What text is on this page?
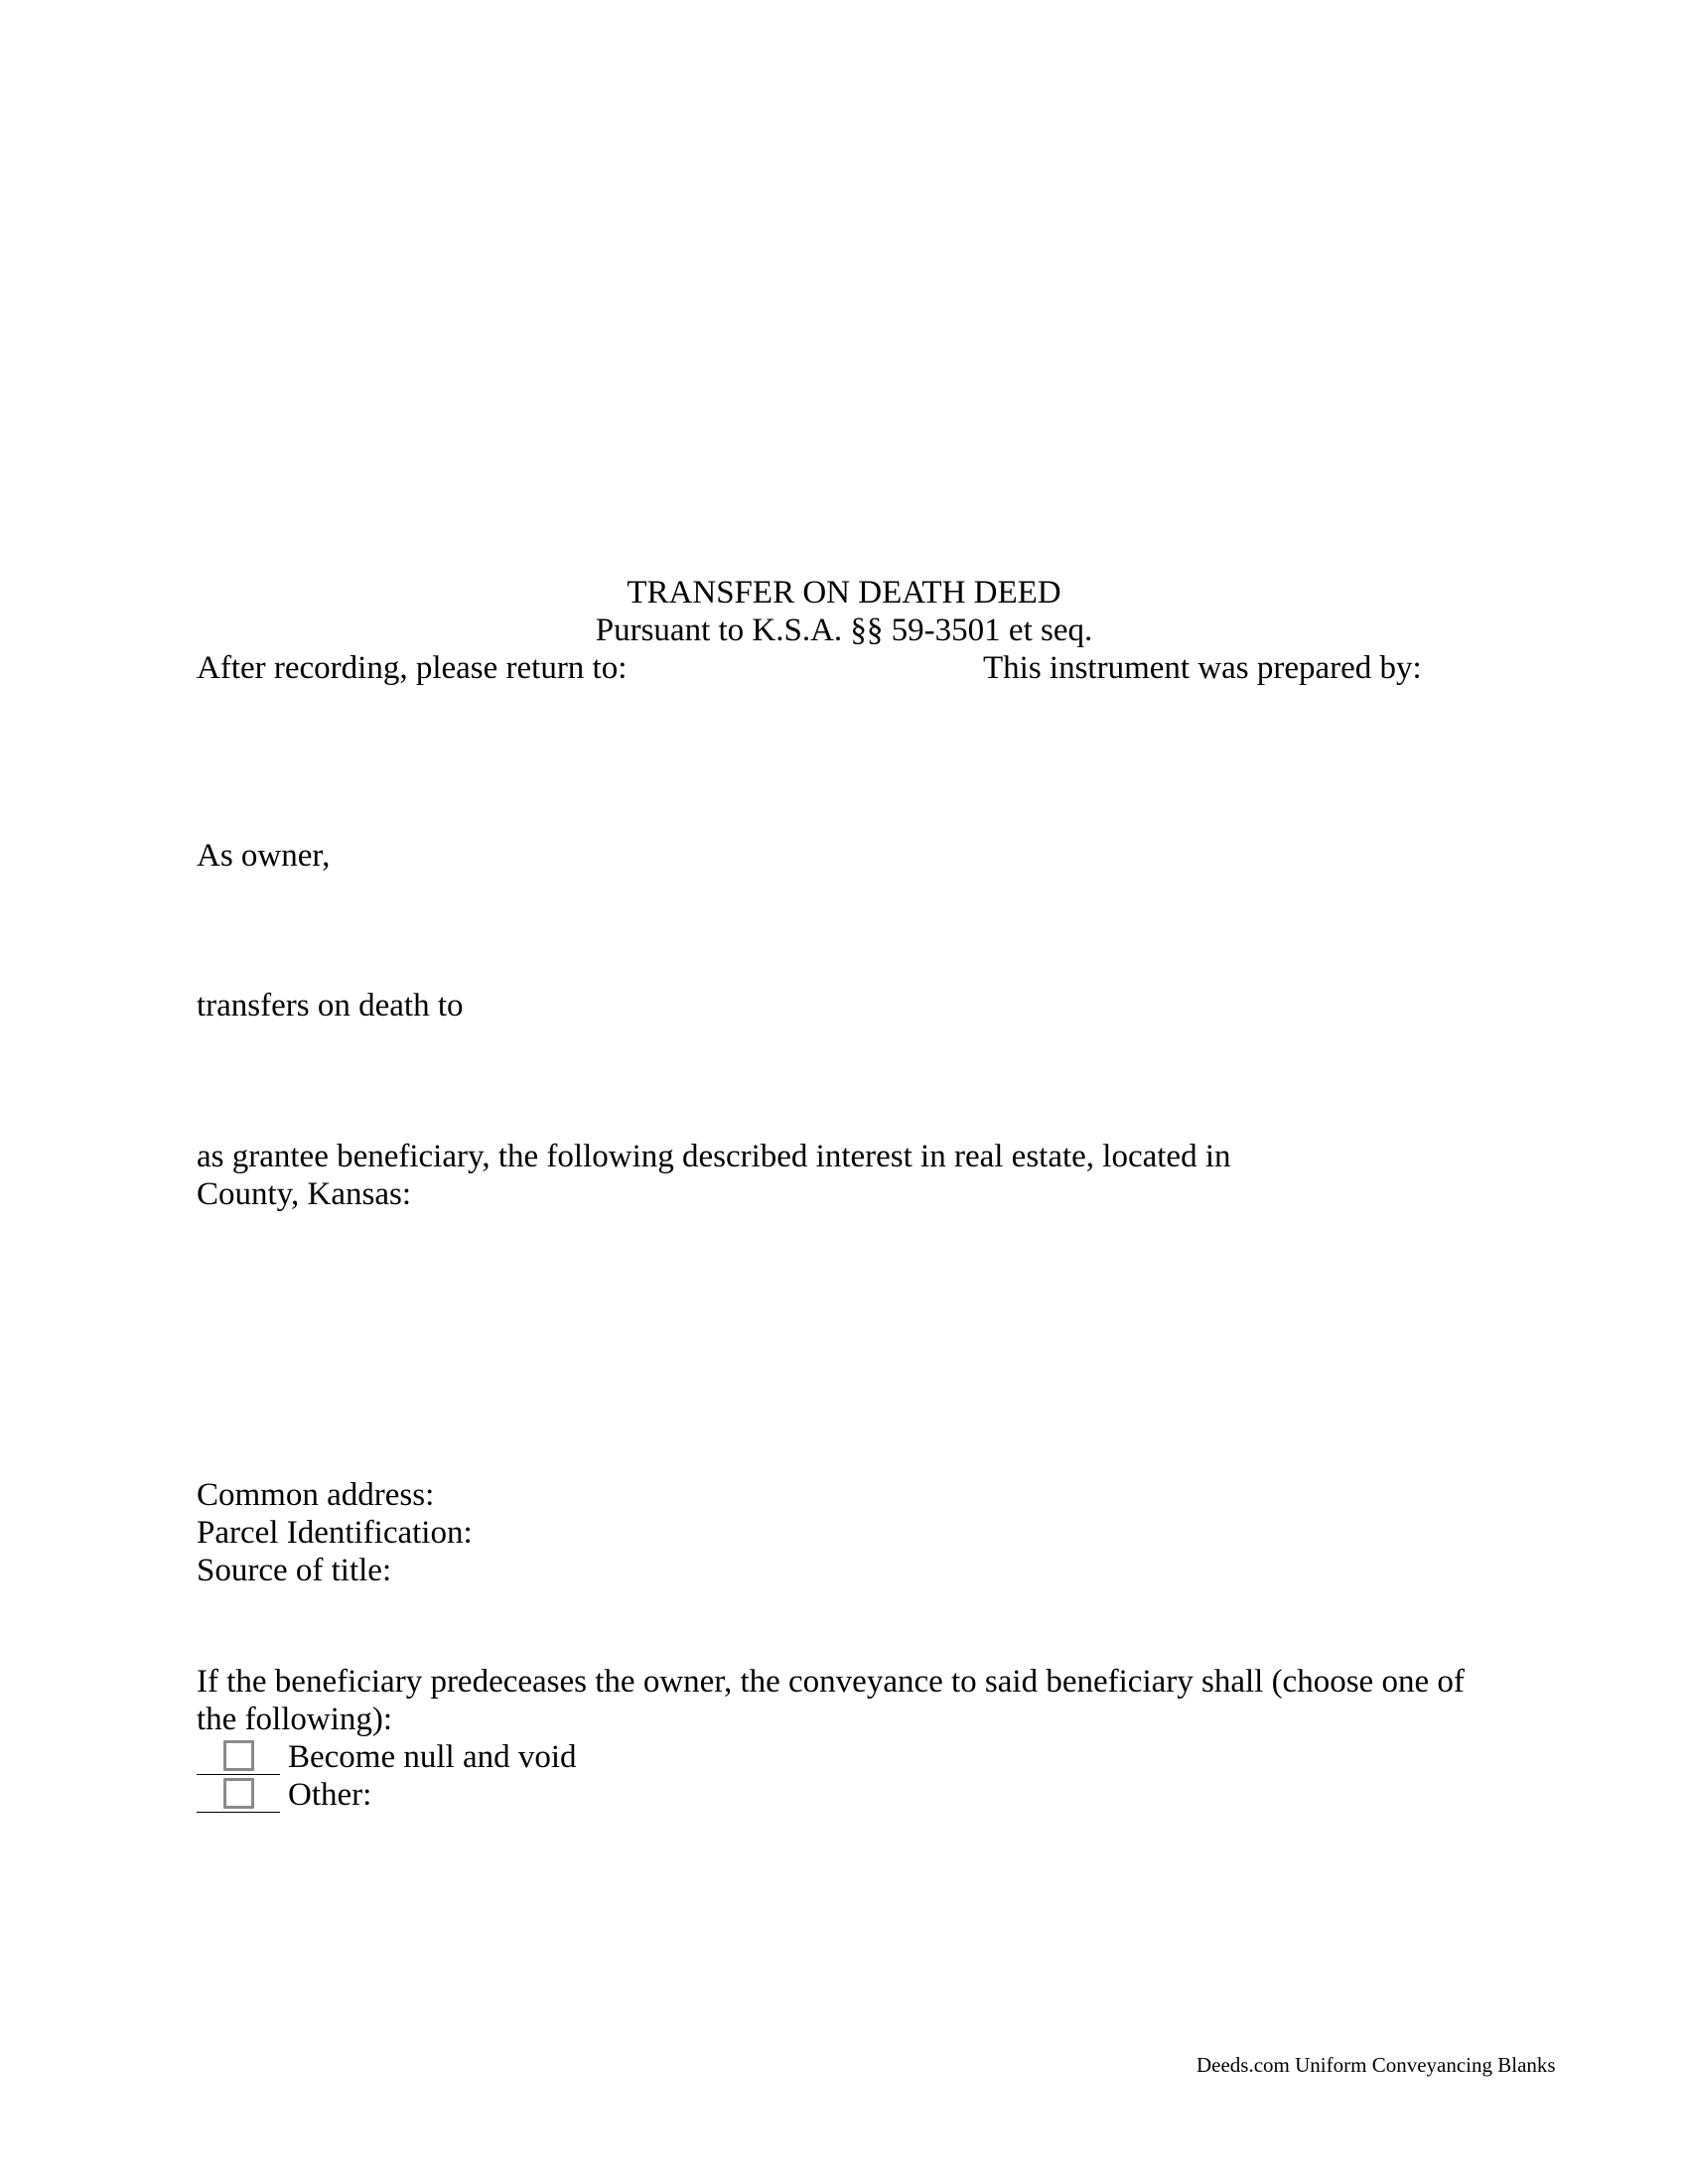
TRANSFER ON DEATH DEED
Pursuant to K.S.A. §§ 59-3501 et seq.
After recording, please return to:	This instrument was prepared by:
As owner,
transfers on death to
as grantee beneficiary, the following described interest in real estate, located in
County, Kansas:
Common address:
Parcel Identification:
Source of title:
If the beneficiary predeceases the owner, the conveyance to said beneficiary shall (choose one of
the following):
Become null and void
Other:
Deeds.com Uniform Conveyancing Blanks
